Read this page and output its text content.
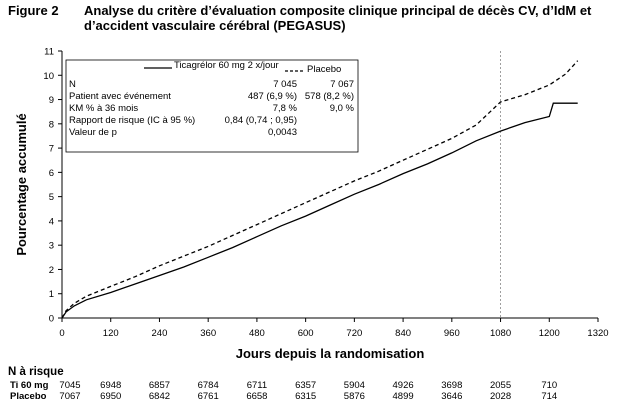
Figure 2 Analyse du critère d’évaluation composite clinique principal de décès CV, d’IdM et
d’accident vasculaire cérébral (PEGASUS)
0
1
2
3
4
5
6
7
8
9
10
11
0	120	240	360	480	600	720	840	960	1080	1200	1320
Jours depuis la randomisation
Pourcentage accumulé
Ticagrélor 60 mg 2 x/jour	Placebo
N	7 045	7 067
Patient avec événement	487 (6,9 %) 578 (8,2 %)
KM % à 36 mois	7,8 %	9,0 %
Rapport de risque (IC à 95 %)	0,84 (0,74 ; 0,95)
Valeur de p	0,0043
N à risque
Ti 60 mg 7045 6948	6857	6784	6711	6357	5904	4926	3698	2055	710
Placebo 7067 6950	6842	6761	6658	6315	5876	4899	3646	2028	714
